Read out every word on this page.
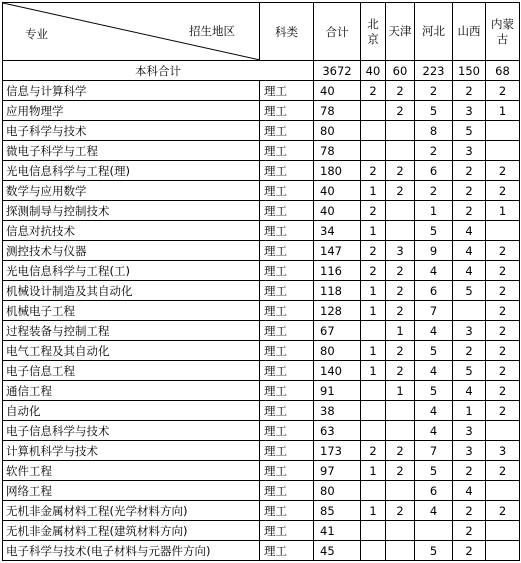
专业 招生地区	科类	合计	北京	天津	河北	山西	内蒙古
本科合计		3672	40	60	223	150	68
信息与计算科学	理工	40	2	2	2	2	2
应用物理学	理工	78		2	5	3	1
电子科学与技术	理工	80			8	5	
微电子科学与工程	理工	78			2	3	
光电信息科学与工程(理)	理工	180	2	2	6	2	2
数学与应用数学	理工	40	1	2	2	2	2
探测制导与控制技术	理工	40	2		1	2	1
信息对抗技术	理工	34	1		5	4	
测控技术与仪器	理工	147	2	3	9	4	2
光电信息科学与工程(工)	理工	116	2	2	4	4	2
机械设计制造及其自动化	理工	118	1	2	6	5	2
机械电子工程	理工	128	1	2	7		2
过程装备与控制工程	理工	67		1	4	3	2
电气工程及其自动化	理工	80	1	2	5	2	2
电子信息工程	理工	140	1	2	4	5	2
通信工程	理工	91		1	5	4	2
自动化	理工	38			4	1	2
电子信息科学与技术	理工	63			4	3	
计算机科学与技术	理工	173	2	2	7	3	3
软件工程	理工	97	1	2	5	2	2
网络工程	理工	80			6	4	
无机非金属材料工程(光学材料方向)	理工	85	1	2	4	2	2
无机非金属材料工程(建筑材料方向)	理工	41				2	
电子科学与技术(电子材料与元器件方向)	理工	45			5	2	
